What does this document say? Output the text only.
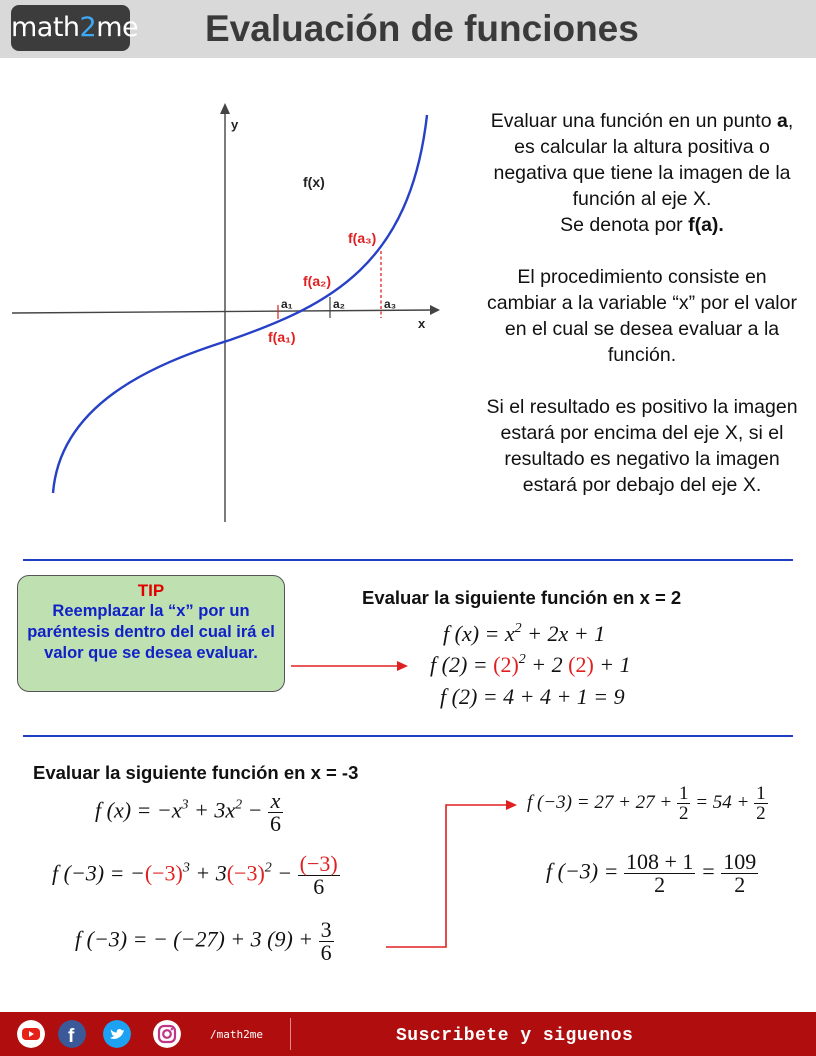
math2me Evaluación de funciones
y
x
f(x)
a₁	a₂	a₃
f(a₁)
f(a₂)
f(a₃)

Evaluar una función en un punto a, es calcular la altura positiva o negativa que tiene la imagen de la función al eje X.

Se denota por f(a).

El procedimiento consiste en cambiar a la variable “x” por el valor en el cual se desea evaluar a la función.

Si el resultado es positivo la imagen estará por encima del eje X, si el resultado es negativo la imagen estará por debajo del eje X.

TIP
Reemplazar la “x” por un paréntesis dentro del cual irá el valor que se desea evaluar.
Evaluar la siguiente función en x = 2
f $(x) = x^2 + 2x + 1$
f $(2) = (2)^2 + 2$ (2) + 1
f (2) = 4 + 4 + 1 = 9
Evaluar la siguiente función en x = -3
f $(x) = -x^3 + 3x^2 - \frac{x}{6}$
f $(-3) = -(-3)^3 + 3(-3)^2 - \frac{(-3)}{6}$
f (−3) = − (−27) + 3 $(9) + \frac{3}{6}$
f $(-3) = 27 + 27 + \frac{1}{2} = 54 + \frac{1}{2}$
f $(-3) = \frac{108 + 1}{2} = \frac{109}{2}$
f	/math2me	Suscribete y siguenos
